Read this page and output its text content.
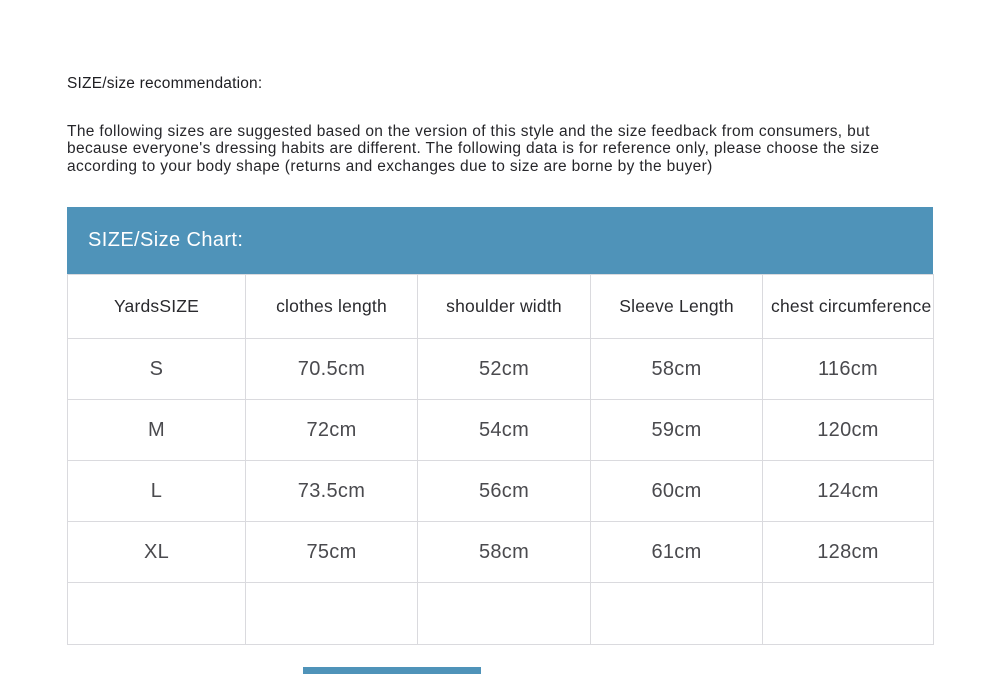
SIZE/size recommendation:

The following sizes are suggested based on the version of this style and the size feedback from consumers, but because everyone's dressing habits are different. The following data is for reference only, please choose the size according to your body shape (returns and exchanges due to size are borne by the buyer)

SIZE/Size Chart:
YardsSIZE	clothes length	shoulder width	Sleeve Length	chest circumference
S	70.5cm	52cm	58cm	116cm
M	72cm	54cm	59cm	120cm
L	73.5cm	56cm	60cm	124cm
XL	75cm	58cm	61cm	128cm
